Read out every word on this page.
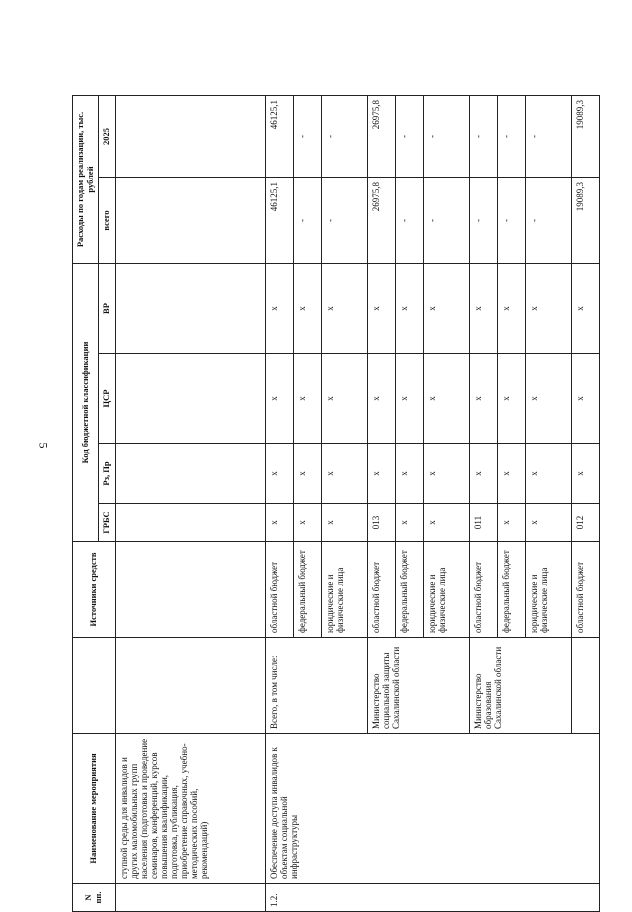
5
N пп.	Наименование мероприятия		Источники средств	Код бюджетной классификации				Расходы по годам реализации, тыс. рублей	
				ГРБС	Рз, Пр	ЦСР	ВР	всего	2025
	ступной среды для инвалидов и других маломобильных групп населения (подготовка и проведение семинаров, конференций, курсов повышения квалификации, подготовка, публикация, приобретение справочных, учебно-методических пособий, рекомендаций)								
1.2.	Обеспечение доступа инвалидов к объектам социальной инфраструктуры	Всего, в том числе:	областной бюджет	х	х	х	х	46125,1	46125,1
			федеральный бюджет	х	х	х	х	-	-
			юридические и физические лица	х	х	х	х	-	-
		Министерство социальной защиты Сахалинской области	областной бюджет	013	х	х	х	26975,8	26975,8
			федеральный бюджет	х	х	х	х	-	-
			юридические и физические лица	х	х	х	х	-	-
		Министерство образования Сахалинской области	областной бюджет	011	х	х	х	-	-
			федеральный бюджет	х	х	х	х	-	-
			юридические и физические лица	х	х	х	х	-	-
			областной бюджет	012	х	х	х	19089,3	19089,3
